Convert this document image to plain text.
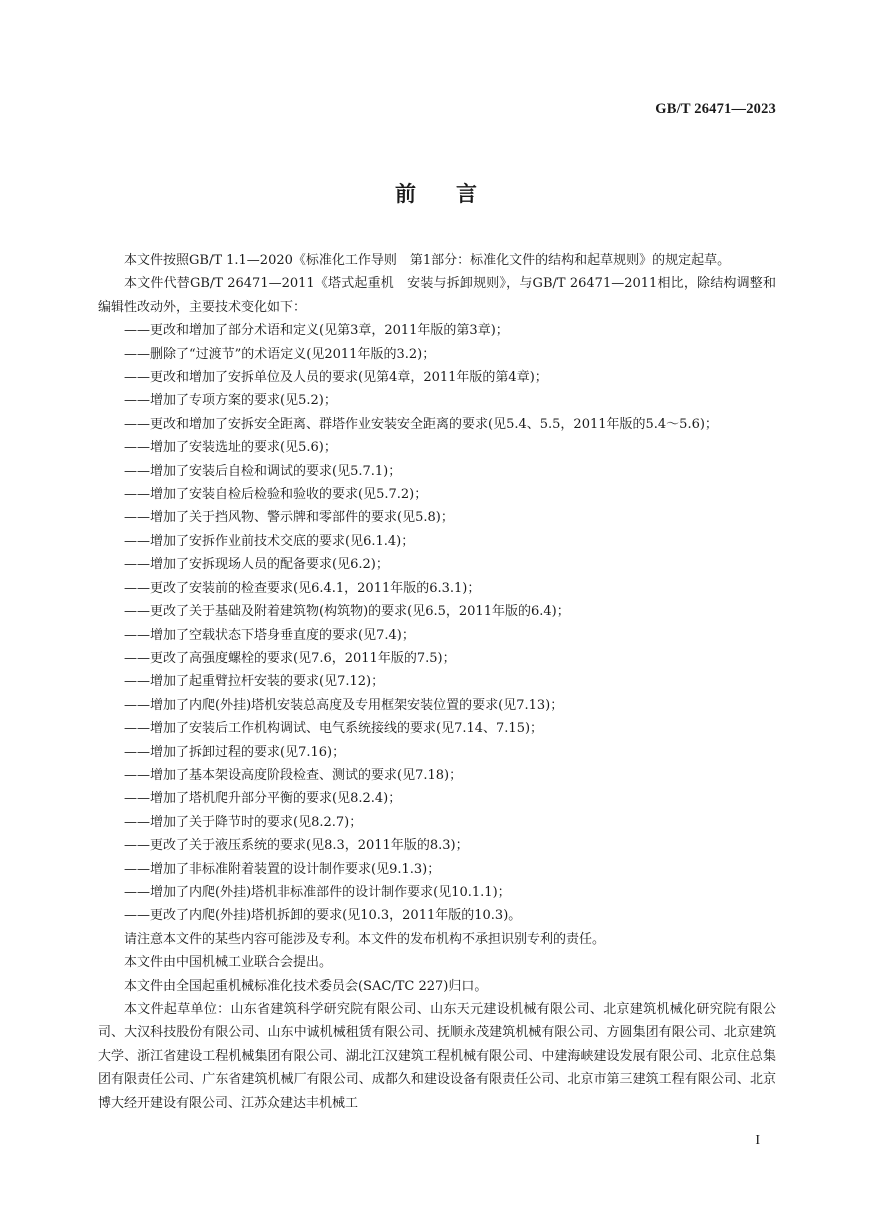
GB/T 26471—2023
前言

本文件按照GB/T 1.1—2020《标准化工作导则　第1部分：标准化文件的结构和起草规则》的规定起草。

本文件代替GB/T 26471—2011《塔式起重机　安装与拆卸规则》，与GB/T 26471—2011相比，除结构调整和编辑性改动外，主要技术变化如下：

——更改和增加了部分术语和定义(见第3章，2011年版的第3章)；
——删除了“过渡节”的术语定义(见2011年版的3.2)；
——更改和增加了安拆单位及人员的要求(见第4章，2011年版的第4章)；
——增加了专项方案的要求(见5.2)；
——更改和增加了安拆安全距离、群塔作业安装安全距离的要求(见5.4、5.5，2011年版的5.4～5.6)；
——增加了安装选址的要求(见5.6)；
——增加了安装后自检和调试的要求(见5.7.1)；
——增加了安装自检后检验和验收的要求(见5.7.2)；
——增加了关于挡风物、警示牌和零部件的要求(见5.8)；
——增加了安拆作业前技术交底的要求(见6.1.4)；
——增加了安拆现场人员的配备要求(见6.2)；
——更改了安装前的检查要求(见6.4.1，2011年版的6.3.1)；
——更改了关于基础及附着建筑物(构筑物)的要求(见6.5，2011年版的6.4)；
——增加了空载状态下塔身垂直度的要求(见7.4)；
——更改了高强度螺栓的要求(见7.6，2011年版的7.5)；
——增加了起重臂拉杆安装的要求(见7.12)；
——增加了内爬(外挂)塔机安装总高度及专用框架安装位置的要求(见7.13)；
——增加了安装后工作机构调试、电气系统接线的要求(见7.14、7.15)；
——增加了拆卸过程的要求(见7.16)；
——增加了基本架设高度阶段检查、测试的要求(见7.18)；
——增加了塔机爬升部分平衡的要求(见8.2.4)；
——增加了关于降节时的要求(见8.2.7)；
——更改了关于液压系统的要求(见8.3，2011年版的8.3)；
——增加了非标准附着装置的设计制作要求(见9.1.3)；
——增加了内爬(外挂)塔机非标准部件的设计制作要求(见10.1.1)；
——更改了内爬(外挂)塔机拆卸的要求(见10.3，2011年版的10.3)。

请注意本文件的某些内容可能涉及专利。本文件的发布机构不承担识别专利的责任。

本文件由中国机械工业联合会提出。

本文件由全国起重机械标准化技术委员会(SAC/TC 227)归口。

本文件起草单位：山东省建筑科学研究院有限公司、山东天元建设机械有限公司、北京建筑机械化研究院有限公司、大汉科技股份有限公司、山东中诚机械租赁有限公司、抚顺永茂建筑机械有限公司、方圆集团有限公司、北京建筑大学、浙江省建设工程机械集团有限公司、湖北江汉建筑工程机械有限公司、中建海峡建设发展有限公司、北京住总集团有限责任公司、广东省建筑机械厂有限公司、成都久和建设设备有限责任公司、北京市第三建筑工程有限公司、北京博大经开建设有限公司、江苏众建达丰机械工

I
